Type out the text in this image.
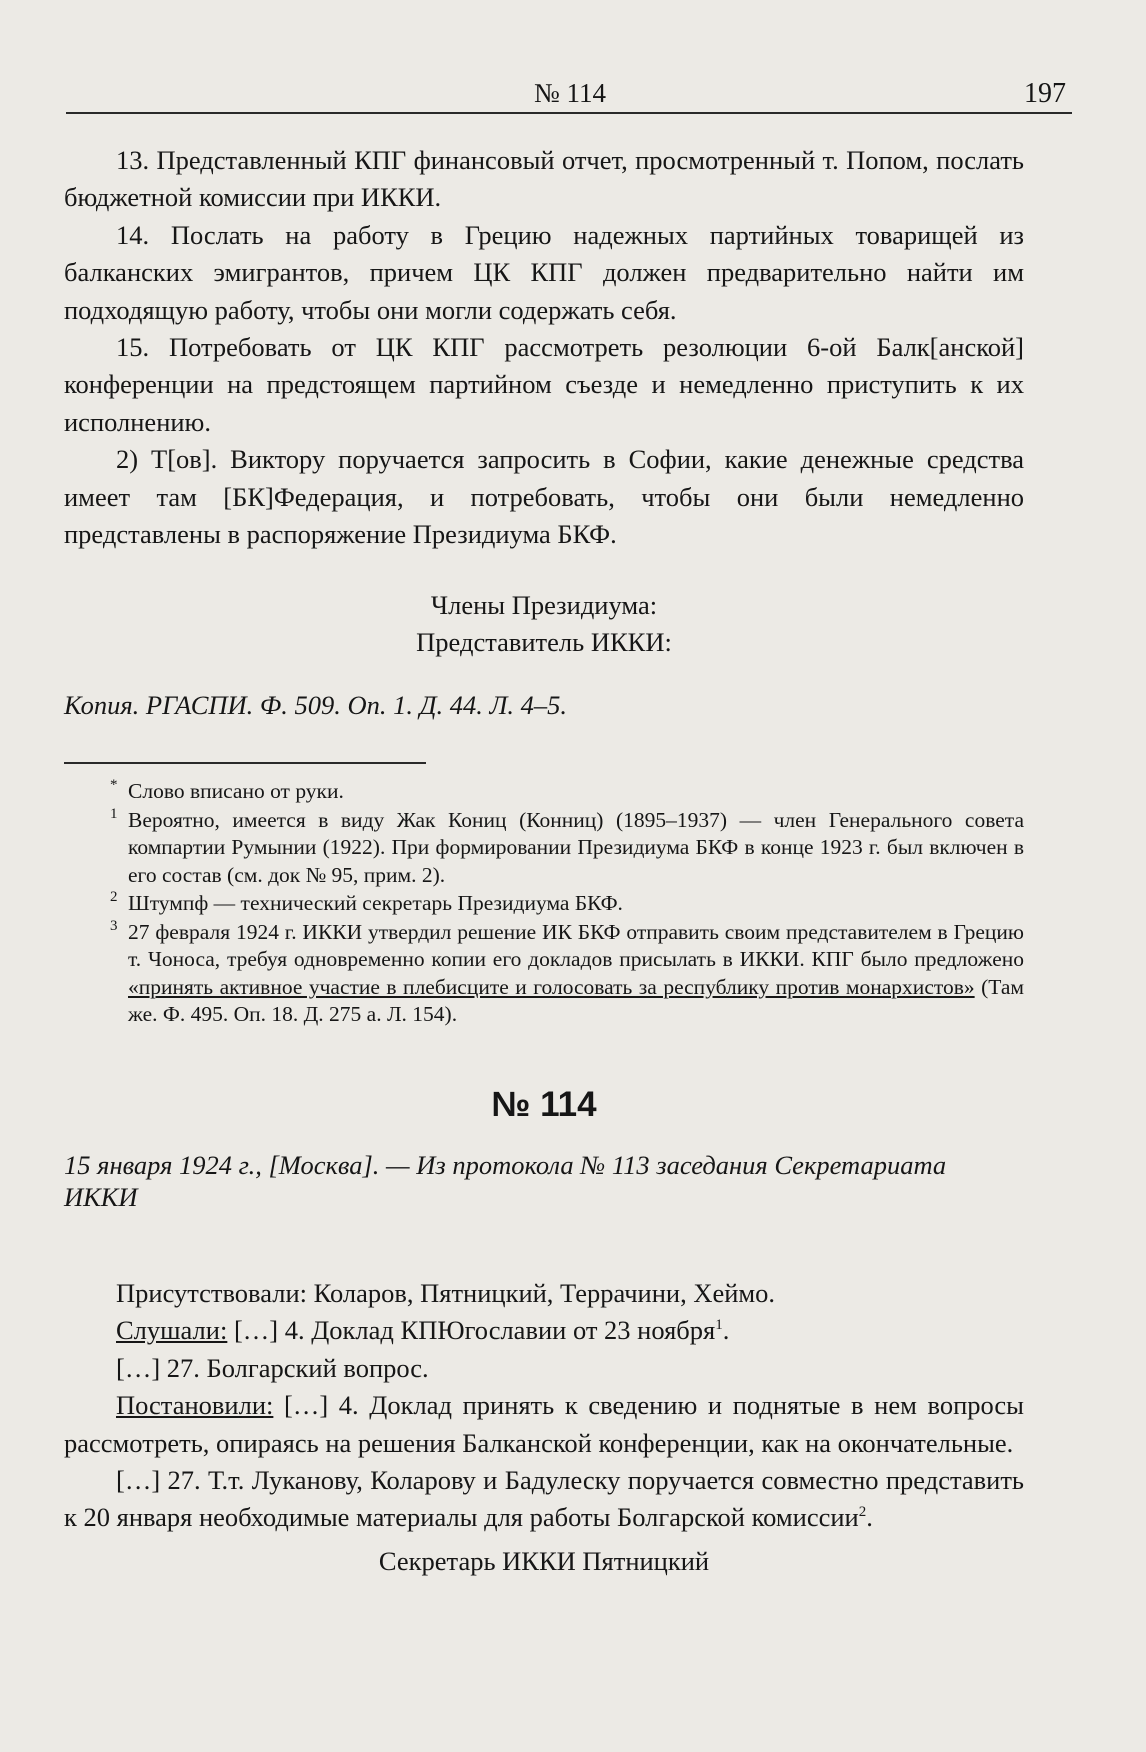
№ 114	197

13. Представленный КПГ финансовый отчет, просмотренный т. Попом, послать бюджетной комиссии при ИККИ.

14. Послать на работу в Грецию надежных партийных товарищей из балканских эмигрантов, причем ЦК КПГ должен предварительно найти им подходящую работу, чтобы они могли содержать себя.

15. Потребовать от ЦК КПГ рассмотреть резолюции 6-ой Балк[анской] конференции на предстоящем партийном съезде и немедленно приступить к их исполнению.

2) Т[ов]. Виктору поручается запросить в Софии, какие денежные средства имеет там [БК]Федерация, и потребовать, чтобы они были немедленно представлены в распоряжение Президиума БКФ.

Члены Президиума:

Представитель ИККИ:

Копия. РГАСПИ. Ф. 509. Оп. 1. Д. 44. Л. 4–5.

* Слово вписано от руки.

1 Вероятно, имеется в виду Жак Кониц (Конниц) (1895–1937) — член Генерального совета компартии Румынии (1922). При формировании Президиума БКФ в конце 1923 г. был включен в его состав (см. док № 95, прим. 2).

2 Штумпф — технический секретарь Президиума БКФ.

3 27 февраля 1924 г. ИККИ утвердил решение ИК БКФ отправить своим представителем в Грецию т. Чоноса, требуя одновременно копии его докладов присылать в ИККИ. КПГ было предложено «принять активное участие в плебисците и голосовать за республику против монархистов» (Там же. Ф. 495. Оп. 18. Д. 275 а. Л. 154).

№ 114

15 января 1924 г., [Москва]. — Из протокола № 113 заседания Секретариата ИККИ

Присутствовали: Коларов, Пятницкий, Террачини, Хеймо.

Слушали: […] 4. Доклад КПЮгославии от 23 ноября$^1$.

[…] 27. Болгарский вопрос.

Постановили: […] 4. Доклад принять к сведению и поднятые в нем вопросы рассмотреть, опираясь на решения Балканской конференции, как на окончательные.

[…] 27. Т.т. Луканову, Коларову и Бадулеску поручается совместно представить к 20 января необходимые материалы для работы Болгарской комиссии$^2$.

Секретарь ИККИ Пятницкий
